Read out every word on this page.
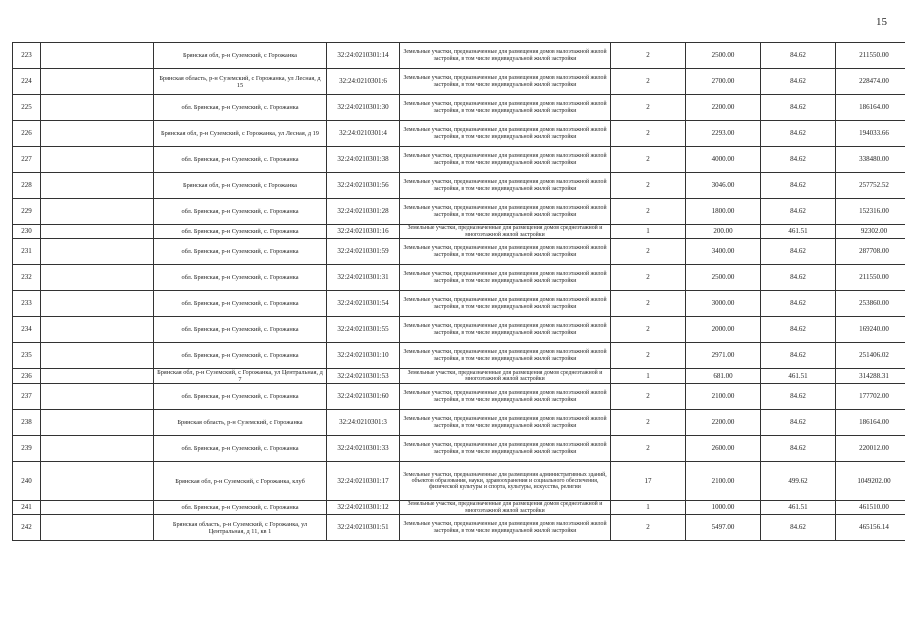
15
223		Брянская обл, р-н Суземский, с Горожанка	32:24:0210301:14	Земельные участки, предназначенные для размещения домов малоэтажной жилой застройки, в том числе индивидуальной жилой застройки	2	2500.00	84.62	211550.00
224		Брянская область, р-н Суземский, с Горожанка, ул Лесная, д 15	32:24:0210301:6	Земельные участки, предназначенные для размещения домов малоэтажной жилой застройки, в том числе индивидуальной жилой застройки	2	2700.00	84.62	228474.00
225		обл. Брянская, р-н Суземский, с. Горожанка	32:24:0210301:30	Земельные участки, предназначенные для размещения домов малоэтажной жилой застройки, в том числе индивидуальной жилой застройки	2	2200.00	84.62	186164.00
226		Брянская обл, р-н Суземский, с Горожанка, ул Лесная, д 19	32:24:0210301:4	Земельные участки, предназначенные для размещения домов малоэтажной жилой застройки, в том числе индивидуальной жилой застройки	2	2293.00	84.62	194033.66
227		обл. Брянская, р-н Суземский, с. Горожанка	32:24:0210301:38	Земельные участки, предназначенные для размещения домов малоэтажной жилой застройки, в том числе индивидуальной жилой застройки	2	4000.00	84.62	338480.00
228		Брянская обл, р-н Суземский, с Горожанка	32:24:0210301:56	Земельные участки, предназначенные для размещения домов малоэтажной жилой застройки, в том числе индивидуальной жилой застройки	2	3046.00	84.62	257752.52
229		обл. Брянская, р-н Суземский, с. Горожанка	32:24:0210301:28	Земельные участки, предназначенные для размещения домов малоэтажной жилой застройки, в том числе индивидуальной жилой застройки	2	1800.00	84.62	152316.00
230		обл. Брянская, р-н Суземский, с. Горожанка	32:24:0210301:16	Земельные участки, предназначенные для размещения домов среднеэтажной и многоэтажной жилой застройки	1	200.00	461.51	92302.00
231		обл. Брянская, р-н Суземский, с. Горожанка	32:24:0210301:59	Земельные участки, предназначенные для размещения домов малоэтажной жилой застройки, в том числе индивидуальной жилой застройки	2	3400.00	84.62	287708.00
232		обл. Брянская, р-н Суземский, с. Горожанка	32:24:0210301:31	Земельные участки, предназначенные для размещения домов малоэтажной жилой застройки, в том числе индивидуальной жилой застройки	2	2500.00	84.62	211550.00
233		обл. Брянская, р-н Суземский, с. Горожанка	32:24:0210301:54	Земельные участки, предназначенные для размещения домов малоэтажной жилой застройки, в том числе индивидуальной жилой застройки	2	3000.00	84.62	253860.00
234		обл. Брянская, р-н Суземский, с. Горожанка	32:24:0210301:55	Земельные участки, предназначенные для размещения домов малоэтажной жилой застройки, в том числе индивидуальной жилой застройки	2	2000.00	84.62	169240.00
235		обл. Брянская, р-н Суземский, с. Горожанка	32:24:0210301:10	Земельные участки, предназначенные для размещения домов малоэтажной жилой застройки, в том числе индивидуальной жилой застройки	2	2971.00	84.62	251406.02
236		Брянская обл, р-н Суземский, с Горожанка, ул Центральная, д 7	32:24:0210301:53	Земельные участки, предназначенные для размещения домов среднеэтажной и многоэтажной жилой застройки	1	681.00	461.51	314288.31
237		обл. Брянская, р-н Суземский, с. Горожанка	32:24:0210301:60	Земельные участки, предназначенные для размещения домов малоэтажной жилой застройки, в том числе индивидуальной жилой застройки	2	2100.00	84.62	177702.00
238		Брянская область, р-н Суземский, с Горожанка	32:24:0210301:3	Земельные участки, предназначенные для размещения домов малоэтажной жилой застройки, в том числе индивидуальной жилой застройки	2	2200.00	84.62	186164.00
239		обл. Брянская, р-н Суземский, с. Горожанка	32:24:0210301:33	Земельные участки, предназначенные для размещения домов малоэтажной жилой застройки, в том числе индивидуальной жилой застройки	2	2600.00	84.62	220012.00
240		Брянская обл, р-н Суземский, с Горожанка, клуб	32:24:0210301:17	Земельные участки, предназначенные для размещения административных зданий, объектов образования, науки, здравоохранения и социального обеспечения, физической культуры и спорта, культуры, искусства, религии	17	2100.00	499.62	1049202.00
241		обл. Брянская, р-н Суземский, с. Горожанка	32:24:0210301:12	Земельные участки, предназначенные для размещения домов среднеэтажной и многоэтажной жилой застройки	1	1000.00	461.51	461510.00
242		Брянская область, р-н Суземский, с Горожанка, ул Центральная, д 11, кв 1	32:24:0210301:51	Земельные участки, предназначенные для размещения домов малоэтажной жилой застройки, в том числе индивидуальной жилой застройки	2	5497.00	84.62	465156.14
